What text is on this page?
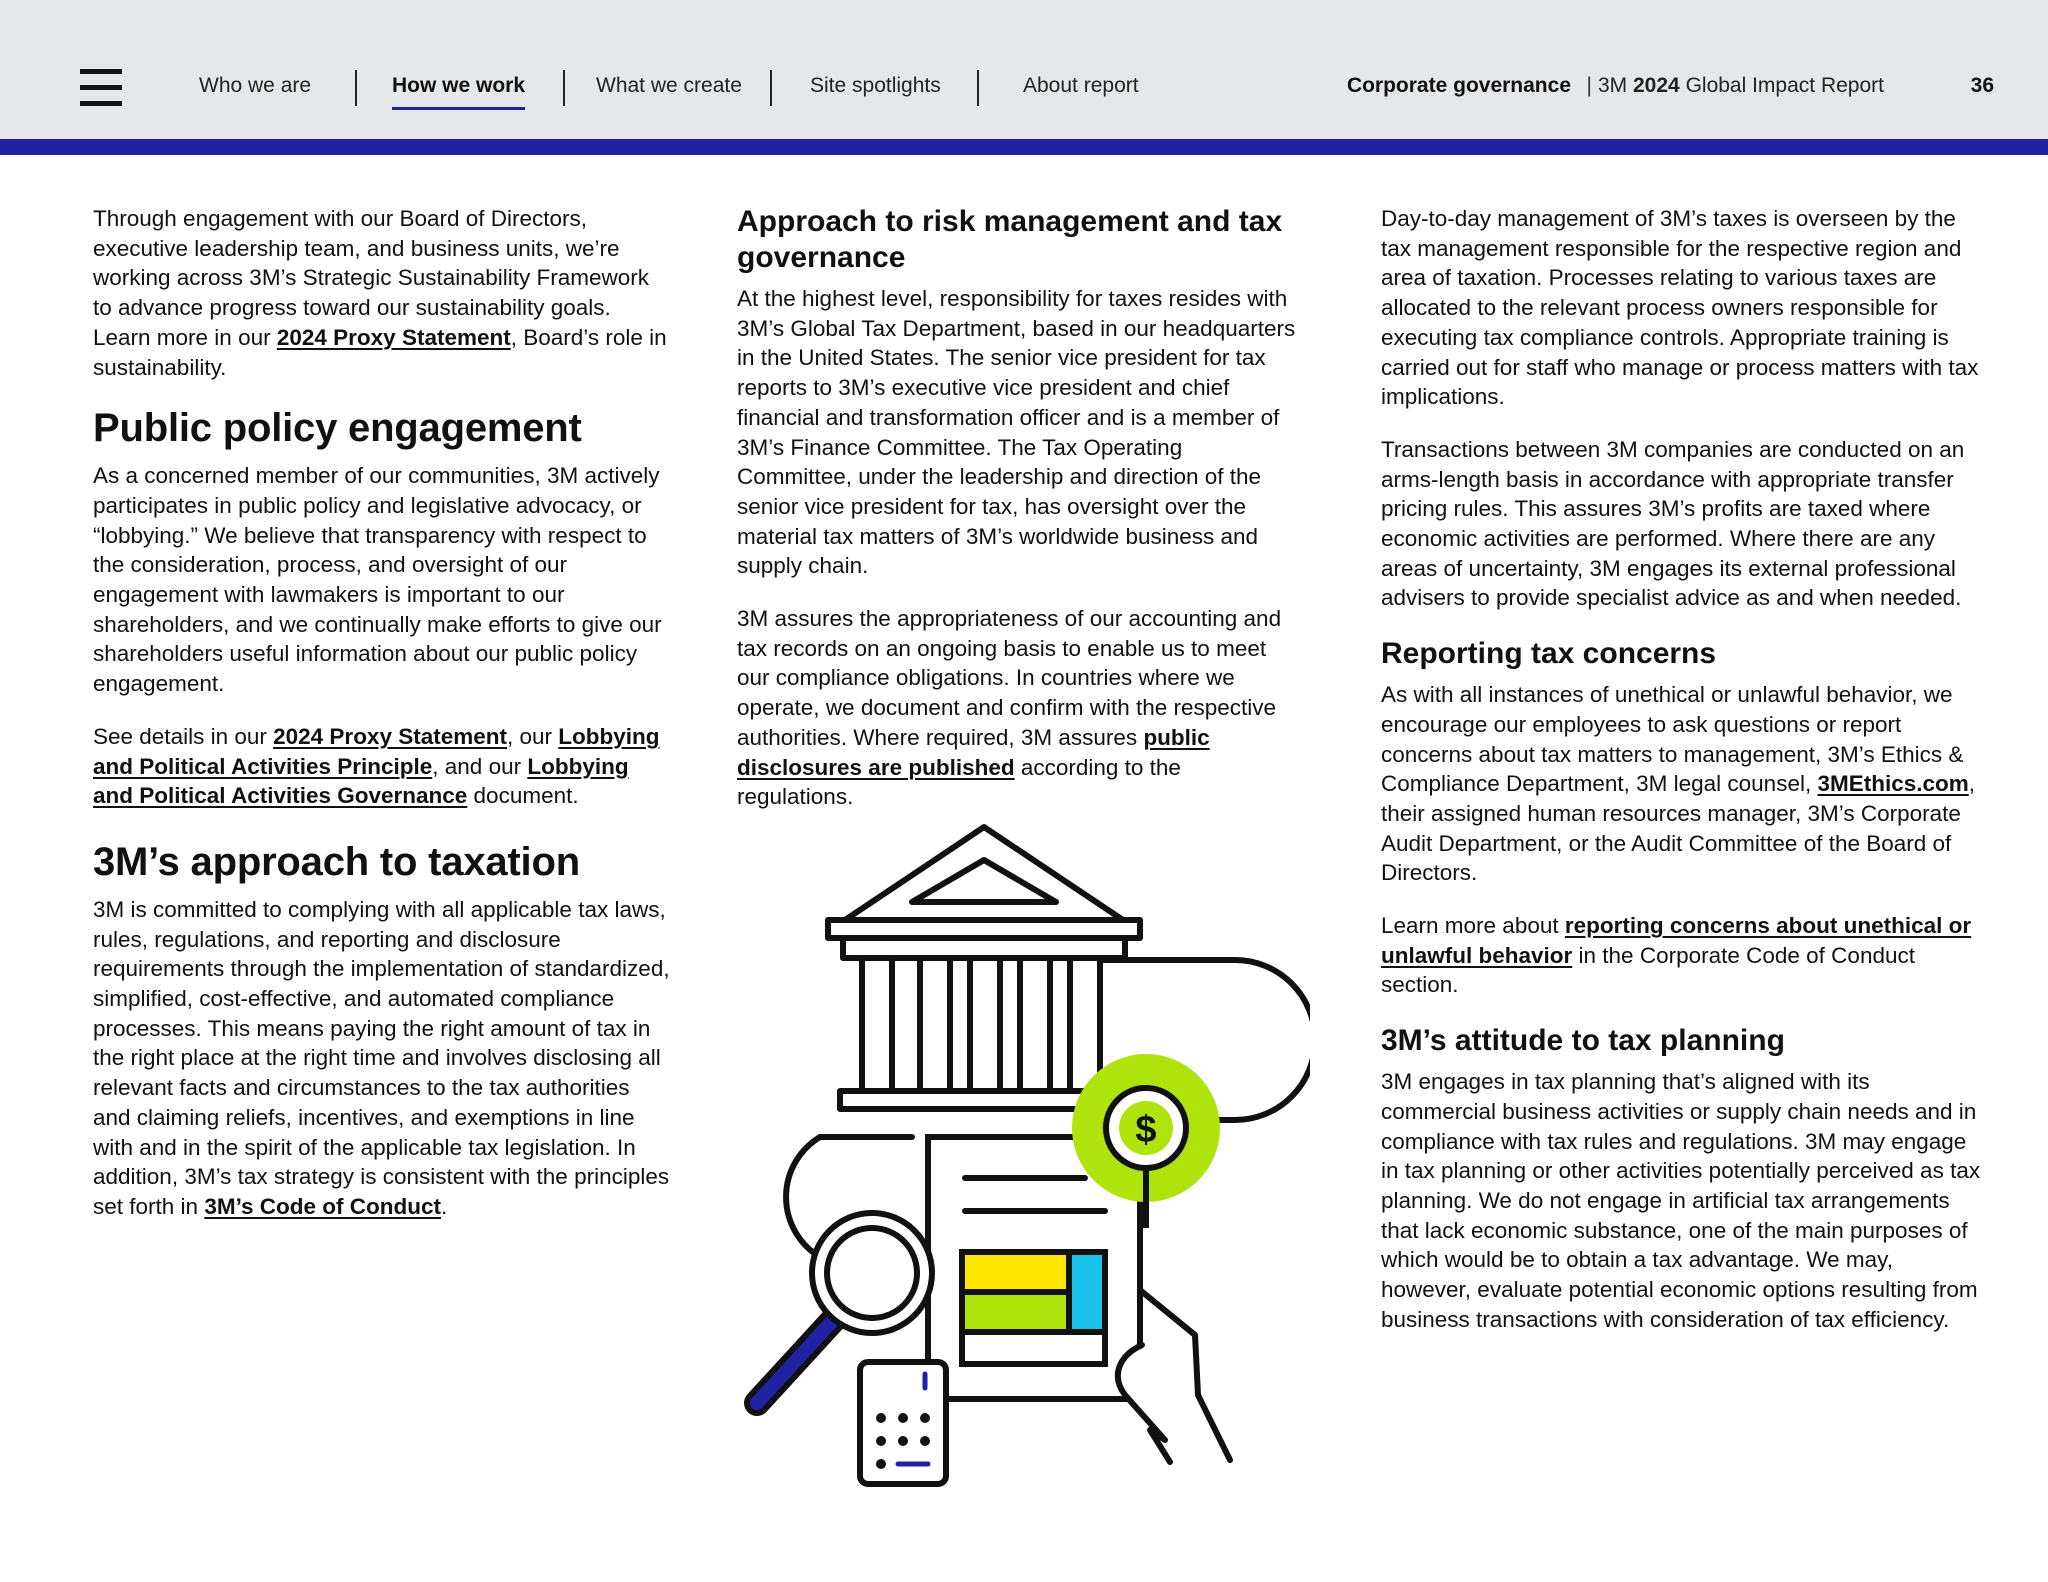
Who we are	How we work	What we create	Site spotlights	About report	Corporate governance | 3M 2024 Global Impact Report	36

Through engagement with our Board of Directors, executive leadership team, and business units, we’re working across 3M’s Strategic Sustainability Framework to advance progress toward our sustainability goals. Learn more in our 2024 Proxy Statement, Board’s role in sustainability.

Public policy engagement

As a concerned member of our communities, 3M actively participates in public policy and legislative advocacy, or “lobbying.” We believe that transparency with respect to the consideration, process, and oversight of our engagement with lawmakers is important to our shareholders, and we continually make efforts to give our shareholders useful information about our public policy engagement.

See details in our 2024 Proxy Statement, our Lobbying and Political Activities Principle, and our Lobbying and Political Activities Governance document.

3M’s approach to taxation

3M is committed to complying with all applicable tax laws, rules, regulations, and reporting and disclosure requirements through the implementation of standardized, simplified, cost-effective, and automated compliance processes. This means paying the right amount of tax in the right place at the right time and involves disclosing all relevant facts and circumstances to the tax authorities and claiming reliefs, incentives, and exemptions in line with and in the spirit of the applicable tax legislation. In addition, 3M’s tax strategy is consistent with the principles set forth in 3M’s Code of Conduct.

Approach to risk management and tax governance

At the highest level, responsibility for taxes resides with 3M’s Global Tax Department, based in our headquarters in the United States. The senior vice president for tax reports to 3M’s executive vice president and chief financial and transformation officer and is a member of 3M’s Finance Committee. The Tax Operating Committee, under the leadership and direction of the senior vice president for tax, has oversight over the material tax matters of 3M’s worldwide business and supply chain.

3M assures the appropriateness of our accounting and tax records on an ongoing basis to enable us to meet our compliance obligations. In countries where we operate, we document and confirm with the respective authorities. Where required, 3M assures public disclosures are published according to the regulations.

$

Day-to-day management of 3M’s taxes is overseen by the tax management responsible for the respective region and area of taxation. Processes relating to various taxes are allocated to the relevant process owners responsible for executing tax compliance controls. Appropriate training is carried out for staff who manage or process matters with tax implications.

Transactions between 3M companies are conducted on an arms-length basis in accordance with appropriate transfer pricing rules. This assures 3M’s profits are taxed where economic activities are performed. Where there are any areas of uncertainty, 3M engages its external professional advisers to provide specialist advice as and when needed.

Reporting tax concerns

As with all instances of unethical or unlawful behavior, we encourage our employees to ask questions or report concerns about tax matters to management, 3M’s Ethics & Compliance Department, 3M legal counsel, 3MEthics.com, their assigned human resources manager, 3M’s Corporate Audit Department, or the Audit Committee of the Board of Directors.

Learn more about reporting concerns about unethical or unlawful behavior in the Corporate Code of Conduct section.

3M’s attitude to tax planning

3M engages in tax planning that’s aligned with its commercial business activities or supply chain needs and in compliance with tax rules and regulations. 3M may engage in tax planning or other activities potentially perceived as tax planning. We do not engage in artificial tax arrangements that lack economic substance, one of the main purposes of which would be to obtain a tax advantage. We may, however, evaluate potential economic options resulting from business transactions with consideration of tax efficiency.
